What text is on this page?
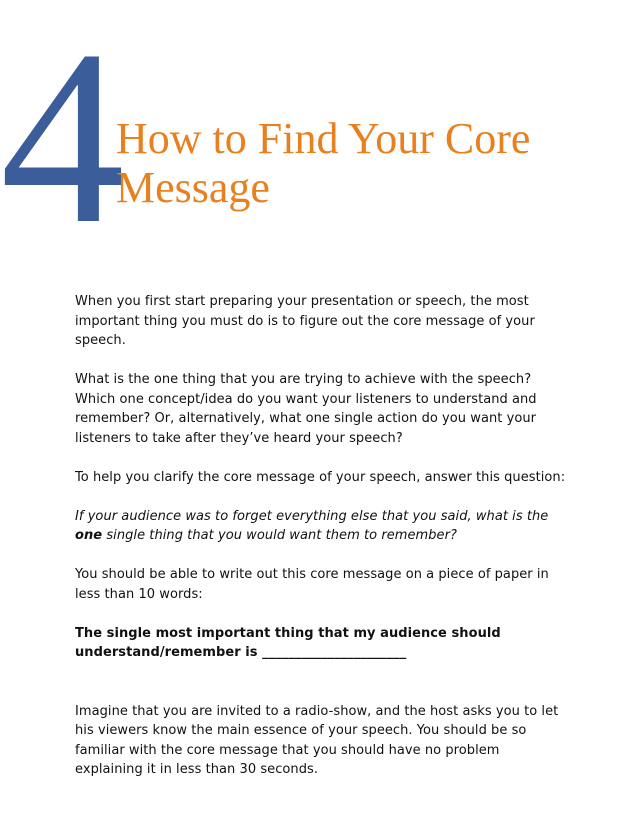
4
How to Find Your Core
Message

When you first start preparing your presentation or speech, the most important thing you must do is to figure out the core message of your speech.

What is the one thing that you are trying to achieve with the speech? Which one concept/idea do you want your listeners to understand and remember? Or, alternatively, what one single action do you want your listeners to take after they’ve heard your speech?

To help you clarify the core message of your speech, answer this question:

If your audience was to forget everything else that you said, what is the one single thing that you would want them to remember?

You should be able to write out this core message on a piece of paper in less than 10 words:

The single most important thing that my audience should understand/remember is ______________________

Imagine that you are invited to a radio-show, and the host asks you to let his viewers know the main essence of your speech. You should be so familiar with the core message that you should have no problem explaining it in less than 30 seconds.
